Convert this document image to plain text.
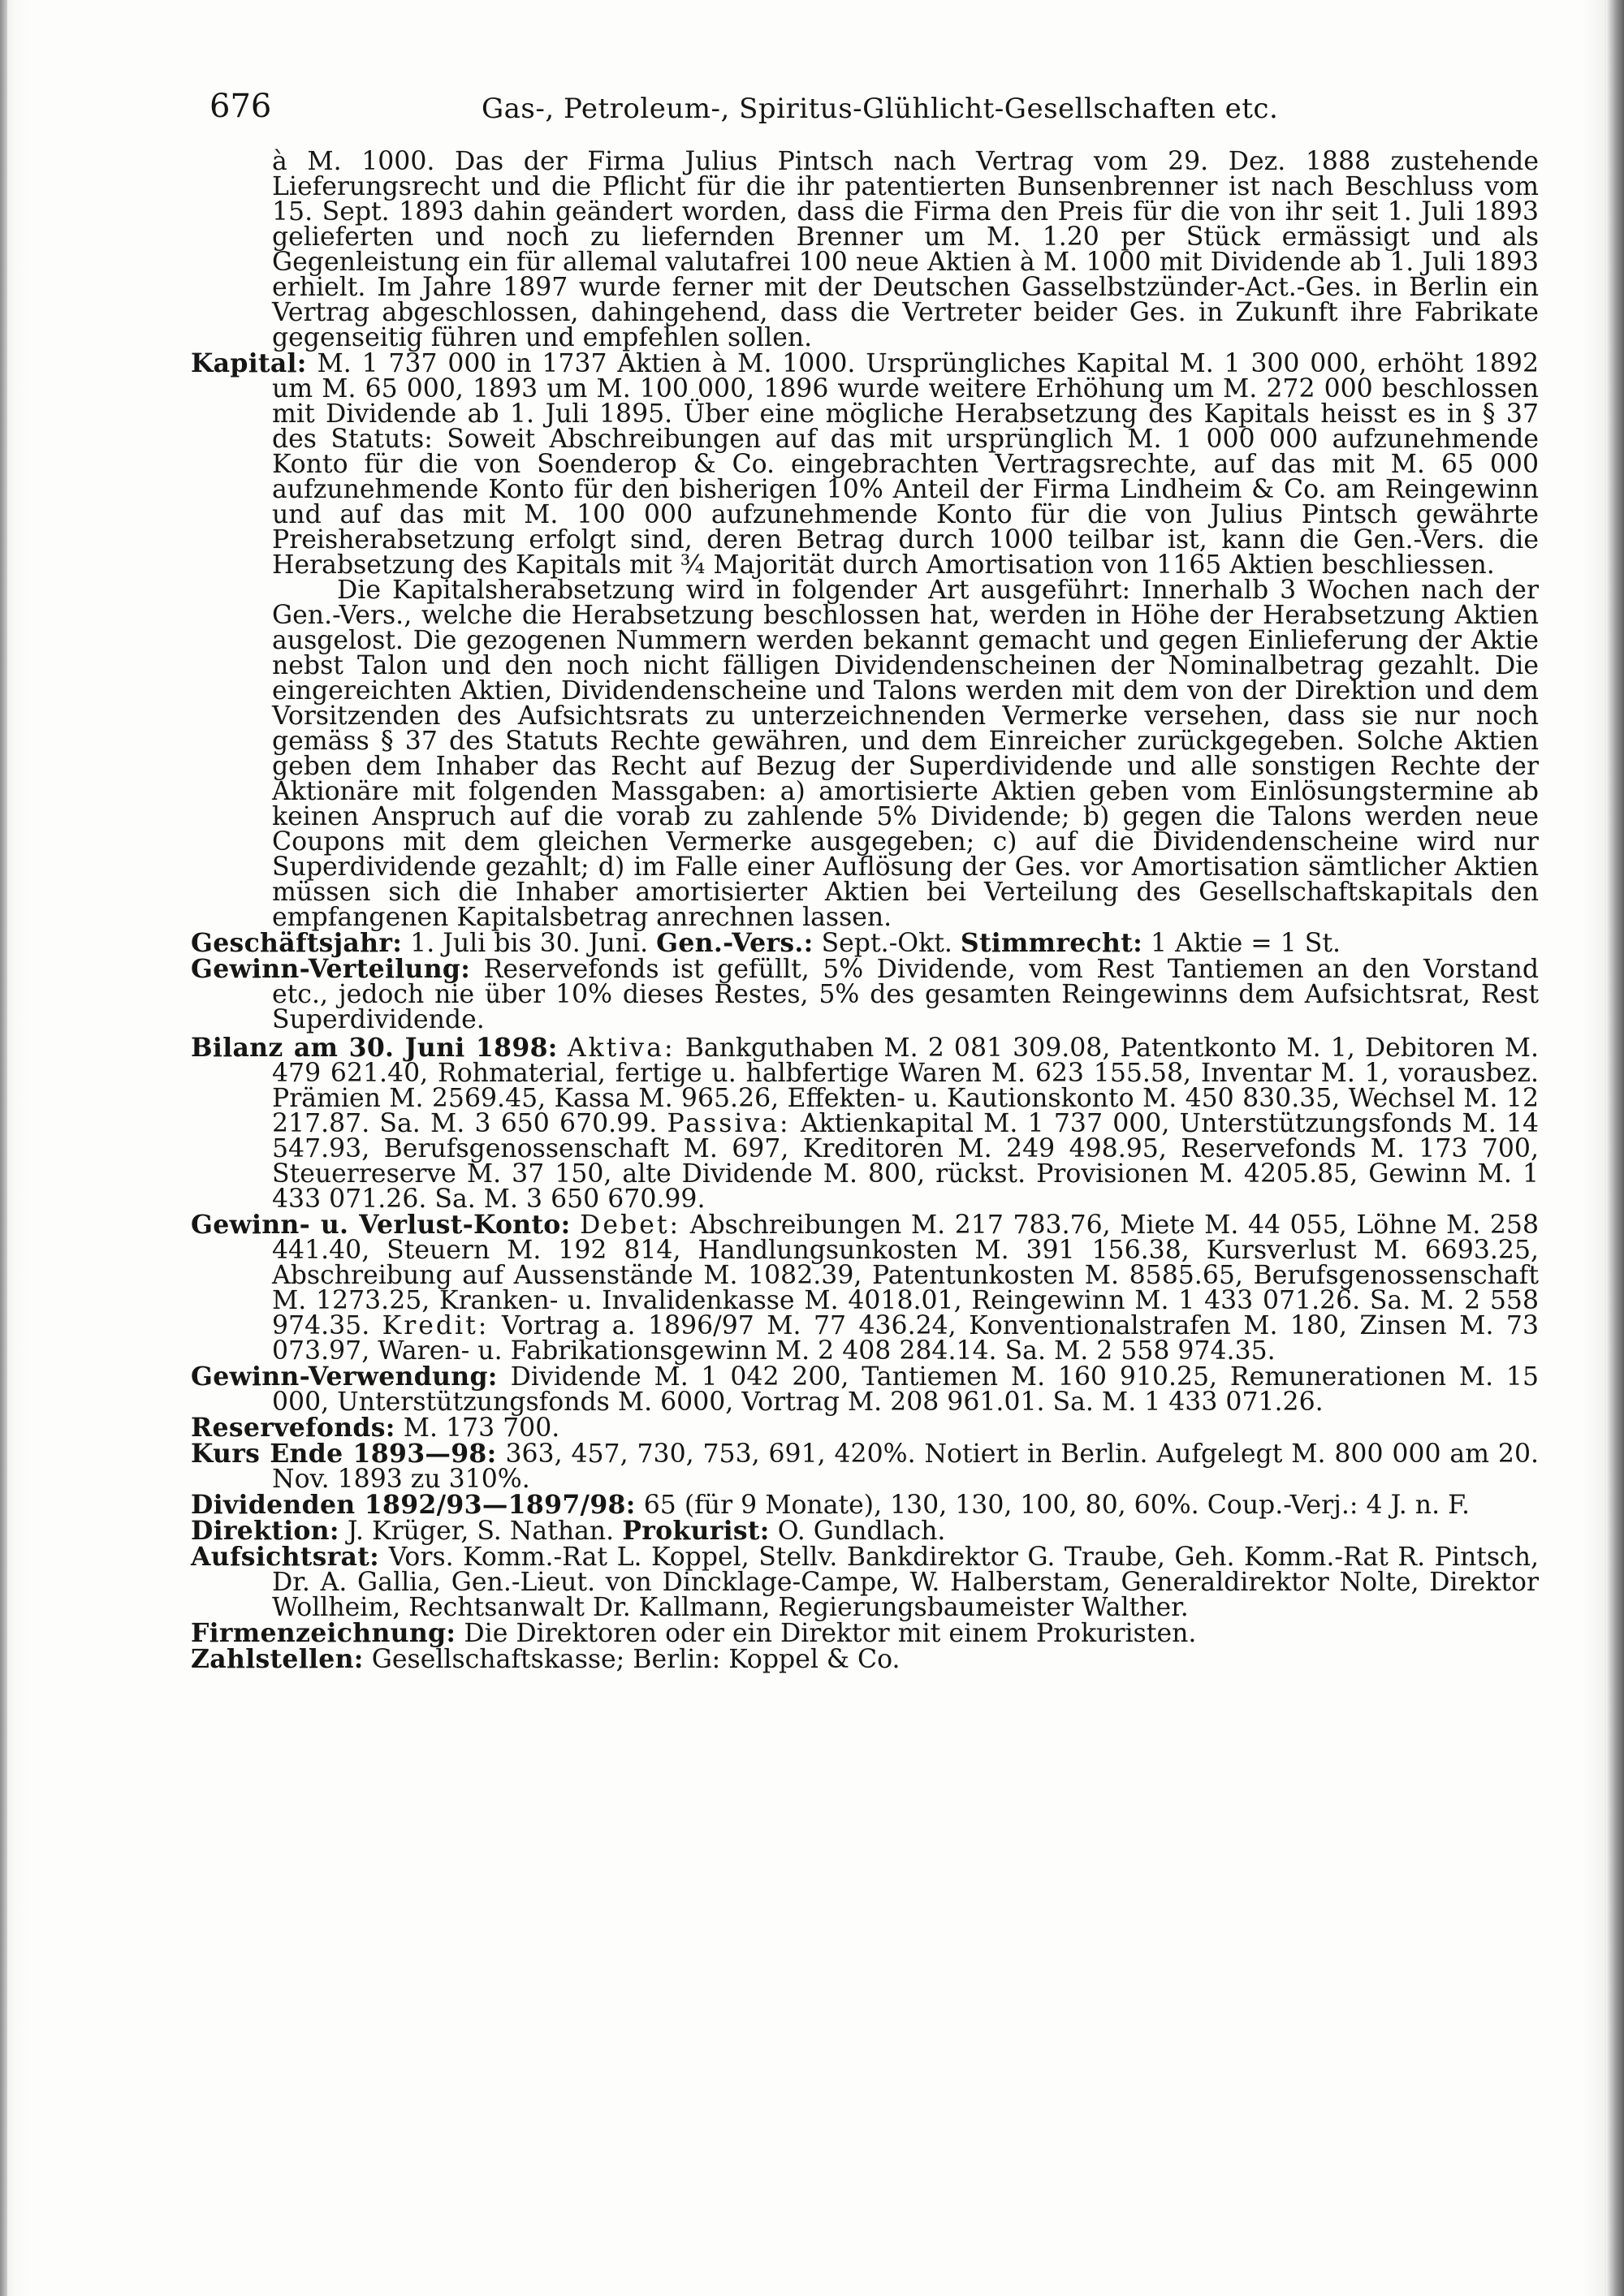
676	Gas-, Petroleum-, Spiritus-Glühlicht-Gesellschaften etc.

à M. 1000. Das der Firma Julius Pintsch nach Vertrag vom 29. Dez. 1888 zustehende Lieferungsrecht und die Pflicht für die ihr patentierten Bunsenbrenner ist nach Beschluss vom 15. Sept. 1893 dahin geändert worden, dass die Firma den Preis für die von ihr seit 1. Juli 1893 gelieferten und noch zu liefernden Brenner um M. 1.20 per Stück ermässigt und als Gegenleistung ein für allemal valutafrei 100 neue Aktien à M. 1000 mit Dividende ab 1. Juli 1893 erhielt. Im Jahre 1897 wurde ferner mit der Deutschen Gasselbstzünder-Act.-Ges. in Berlin ein Vertrag abgeschlossen, dahingehend, dass die Vertreter beider Ges. in Zukunft ihre Fabrikate gegenseitig führen und empfehlen sollen.

Kapital: M. 1 737 000 in 1737 Aktien à M. 1000. Ursprüngliches Kapital M. 1 300 000, erhöht 1892 um M. 65 000, 1893 um M. 100 000, 1896 wurde weitere Erhöhung um M. 272 000 beschlossen mit Dividende ab 1. Juli 1895. Über eine mögliche Herabsetzung des Kapitals heisst es in § 37 des Statuts: Soweit Abschreibungen auf das mit ursprünglich M. 1 000 000 aufzunehmende Konto für die von Soenderop & Co. eingebrachten Vertragsrechte, auf das mit M. 65 000 aufzunehmende Konto für den bisherigen 10% Anteil der Firma Lindheim & Co. am Reingewinn und auf das mit M. 100 000 aufzunehmende Konto für die von Julius Pintsch gewährte Preisherabsetzung erfolgt sind, deren Betrag durch 1000 teilbar ist, kann die Gen.-Vers. die Herabsetzung des Kapitals mit ¾ Majorität durch Amortisation von 1165 Aktien beschliessen.

Die Kapitalsherabsetzung wird in folgender Art ausgeführt: Innerhalb 3 Wochen nach der Gen.-Vers., welche die Herabsetzung beschlossen hat, werden in Höhe der Herabsetzung Aktien ausgelost. Die gezogenen Nummern werden bekannt gemacht und gegen Einlieferung der Aktie nebst Talon und den noch nicht fälligen Dividendenscheinen der Nominalbetrag gezahlt. Die eingereichten Aktien, Dividendenscheine und Talons werden mit dem von der Direktion und dem Vorsitzenden des Aufsichtsrats zu unterzeichnenden Vermerke versehen, dass sie nur noch gemäss § 37 des Statuts Rechte gewähren, und dem Einreicher zurückgegeben. Solche Aktien geben dem Inhaber das Recht auf Bezug der Superdividende und alle sonstigen Rechte der Aktionäre mit folgenden Massgaben: a) amortisierte Aktien geben vom Einlösungstermine ab keinen Anspruch auf die vorab zu zahlende 5% Dividende; b) gegen die Talons werden neue Coupons mit dem gleichen Vermerke ausgegeben; c) auf die Dividendenscheine wird nur Superdividende gezahlt; d) im Falle einer Auflösung der Ges. vor Amortisation sämtlicher Aktien müssen sich die Inhaber amortisierter Aktien bei Verteilung des Gesellschaftskapitals den empfangenen Kapitalsbetrag anrechnen lassen.

Geschäftsjahr: 1. Juli bis 30. Juni. Gen.-Vers.: Sept.-Okt. Stimmrecht: 1 Aktie = 1 St.

Gewinn-Verteilung: Reservefonds ist gefüllt, 5% Dividende, vom Rest Tantiemen an den Vorstand etc., jedoch nie über 10% dieses Restes, 5% des gesamten Reingewinns dem Aufsichtsrat, Rest Superdividende.

Bilanz am 30. Juni 1898: Aktiva: Bankguthaben M. 2 081 309.08, Patentkonto M. 1, Debitoren M. 479 621.40, Rohmaterial, fertige u. halbfertige Waren M. 623 155.58, Inventar M. 1, vorausbez. Prämien M. 2569.45, Kassa M. 965.26, Effekten- u. Kautionskonto M. 450 830.35, Wechsel M. 12 217.87. Sa. M. 3 650 670.99. Passiva: Aktienkapital M. 1 737 000, Unterstützungsfonds M. 14 547.93, Berufsgenossenschaft M. 697, Kreditoren M. 249 498.95, Reservefonds M. 173 700, Steuerreserve M. 37 150, alte Dividende M. 800, rückst. Provisionen M. 4205.85, Gewinn M. 1 433 071.26. Sa. M. 3 650 670.99.

Gewinn- u. Verlust-Konto: Debet: Abschreibungen M. 217 783.76, Miete M. 44 055, Löhne M. 258 441.40, Steuern M. 192 814, Handlungsunkosten M. 391 156.38, Kursverlust M. 6693.25, Abschreibung auf Aussenstände M. 1082.39, Patentunkosten M. 8585.65, Berufsgenossenschaft M. 1273.25, Kranken- u. Invalidenkasse M. 4018.01, Reingewinn M. 1 433 071.26. Sa. M. 2 558 974.35. Kredit: Vortrag a. 1896/97 M. 77 436.24, Konventionalstrafen M. 180, Zinsen M. 73 073.97, Waren- u. Fabrikationsgewinn M. 2 408 284.14. Sa. M. 2 558 974.35.

Gewinn-Verwendung: Dividende M. 1 042 200, Tantiemen M. 160 910.25, Remunerationen M. 15 000, Unterstützungsfonds M. 6000, Vortrag M. 208 961.01. Sa. M. 1 433 071.26.

Reservefonds: M. 173 700.

Kurs Ende 1893—98: 363, 457, 730, 753, 691, 420%. Notiert in Berlin. Aufgelegt M. 800 000 am 20. Nov. 1893 zu 310%.

Dividenden 1892/93—1897/98: 65 (für 9 Monate), 130, 130, 100, 80, 60%. Coup.-Verj.: 4 J. n. F.

Direktion: J. Krüger, S. Nathan. Prokurist: O. Gundlach.

Aufsichtsrat: Vors. Komm.-Rat L. Koppel, Stellv. Bankdirektor G. Traube, Geh. Komm.-Rat R. Pintsch, Dr. A. Gallia, Gen.-Lieut. von Dincklage-Campe, W. Halberstam, Generaldirektor Nolte, Direktor Wollheim, Rechtsanwalt Dr. Kallmann, Regierungsbaumeister Walther.

Firmenzeichnung: Die Direktoren oder ein Direktor mit einem Prokuristen.

Zahlstellen: Gesellschaftskasse; Berlin: Koppel & Co.
